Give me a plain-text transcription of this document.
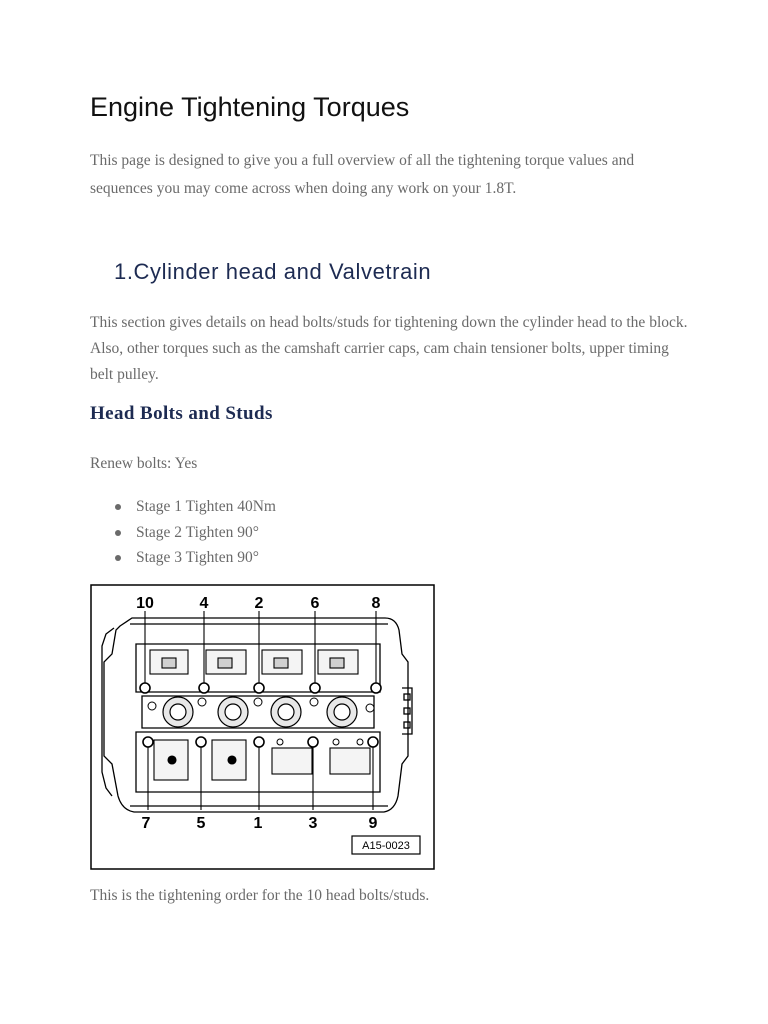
Engine Tightening Torques

This page is designed to give you a full overview of all the tightening torque values and sequences you may come across when doing any work on your 1.8T.

1.Cylinder head and Valvetrain

This section gives details on head bolts/studs for tightening down the cylinder head to the block. Also, other torques such as the camshaft carrier caps, cam chain tensioner bolts, upper timing belt pulley.

Head Bolts and Studs

Renew bolts: Yes

Stage 1 Tighten 40Nm
Stage 2 Tighten 90°
Stage 3 Tighten 90°
10	4	2	6	8
7	5	1	3	9
A15-0023

This is the tightening order for the 10 head bolts/studs.
